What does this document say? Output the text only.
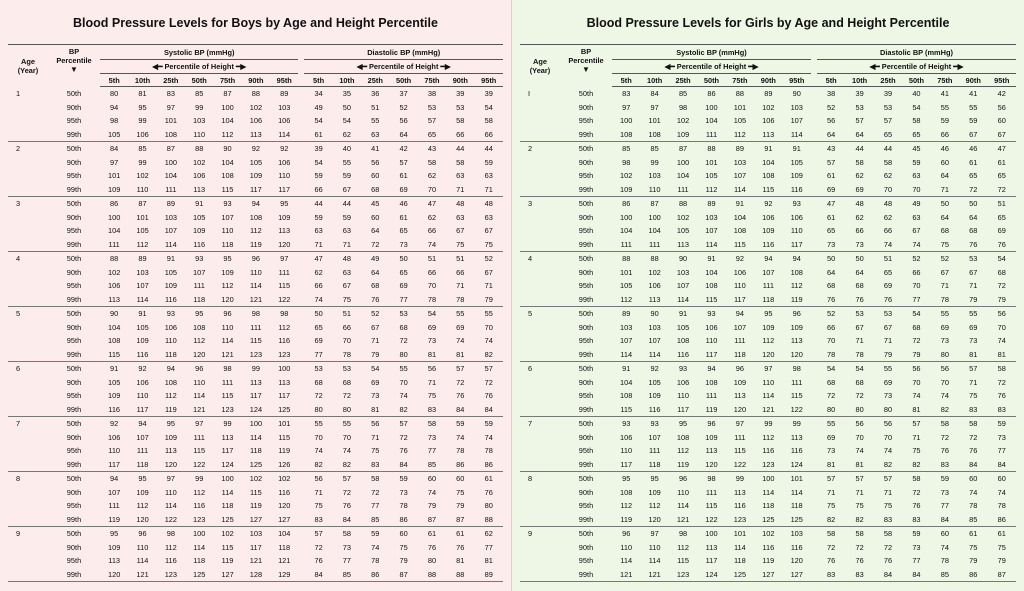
Blood Pressure Levels for Boys by Age and Height Percentile
Age
(Year)	BP
Percentile
▼	Systolic BP (mmHg)								Diastolic BP (mmHg)						
		◀━ Percentile of Height ━▶								◀━ Percentile of Height ━▶						
		5th	10th	25th	50th	75th	90th	95th		5th	10th	25th	50th	75th	90th	95th
1	50th	80	81	83	85	87	88	89		34	35	36	37	38	39	39
	90th	94	95	97	99	100	102	103		49	50	51	52	53	53	54
	95th	98	99	101	103	104	106	106		54	54	55	56	57	58	58
	99th	105	106	108	110	112	113	114		61	62	63	64	65	66	66
2	50th	84	85	87	88	90	92	92		39	40	41	42	43	44	44
	90th	97	99	100	102	104	105	106		54	55	56	57	58	58	59
	95th	101	102	104	106	108	109	110		59	59	60	61	62	63	63
	99th	109	110	111	113	115	117	117		66	67	68	69	70	71	71
3	50th	86	87	89	91	93	94	95		44	44	45	46	47	48	48
	90th	100	101	103	105	107	108	109		59	59	60	61	62	63	63
	95th	104	105	107	109	110	112	113		63	63	64	65	66	67	67
	99th	111	112	114	116	118	119	120		71	71	72	73	74	75	75
4	50th	88	89	91	93	95	96	97		47	48	49	50	51	51	52
	90th	102	103	105	107	109	110	111		62	63	64	65	66	66	67
	95th	106	107	109	111	112	114	115		66	67	68	69	70	71	71
	99th	113	114	116	118	120	121	122		74	75	76	77	78	78	79
5	50th	90	91	93	95	96	98	98		50	51	52	53	54	55	55
	90th	104	105	106	108	110	111	112		65	66	67	68	69	69	70
	95th	108	109	110	112	114	115	116		69	70	71	72	73	74	74
	99th	115	116	118	120	121	123	123		77	78	79	80	81	81	82
6	50th	91	92	94	96	98	99	100		53	53	54	55	56	57	57
	90th	105	106	108	110	111	113	113		68	68	69	70	71	72	72
	95th	109	110	112	114	115	117	117		72	72	73	74	75	76	76
	99th	116	117	119	121	123	124	125		80	80	81	82	83	84	84
7	50th	92	94	95	97	99	100	101		55	55	56	57	58	59	59
	90th	106	107	109	111	113	114	115		70	70	71	72	73	74	74
	95th	110	111	113	115	117	118	119		74	74	75	76	77	78	78
	99th	117	118	120	122	124	125	126		82	82	83	84	85	86	86
8	50th	94	95	97	99	100	102	102		56	57	58	59	60	60	61
	90th	107	109	110	112	114	115	116		71	72	72	73	74	75	76
	95th	111	112	114	116	118	119	120		75	76	77	78	79	79	80
	99th	119	120	122	123	125	127	127		83	84	85	86	87	87	88
9	50th	95	96	98	100	102	103	104		57	58	59	60	61	61	62
	90th	109	110	112	114	115	117	118		72	73	74	75	76	76	77
	95th	113	114	116	118	119	121	121		76	77	78	79	80	81	81
	99th	120	121	123	125	127	128	129		84	85	86	87	88	88	89
Blood Pressure Levels for Girls by Age and Height Percentile
Age
(Year)	BP
Percentile
▼	Systolic BP (mmHg)								Diastolic BP (mmHg)						
		◀━ Percentile of Height ━▶								◀━ Percentile of Height ━▶						
		5th	10th	25th	50th	75th	90th	95th		5th	10th	25th	50th	75th	90th	95th
I	50th	83	84	85	86	88	89	90		38	39	39	40	41	41	42
	90th	97	97	98	100	101	102	103		52	53	53	54	55	55	56
	95th	100	101	102	104	105	106	107		56	57	57	58	59	59	60
	99th	108	108	109	111	112	113	114		64	64	65	65	66	67	67
2	50th	85	85	87	88	89	91	91		43	44	44	45	46	46	47
	90th	98	99	100	101	103	104	105		57	58	58	59	60	61	61
	95th	102	103	104	105	107	108	109		61	62	62	63	64	65	65
	99th	109	110	111	112	114	115	116		69	69	70	70	71	72	72
3	50th	86	87	88	89	91	92	93		47	48	48	49	50	50	51
	90th	100	100	102	103	104	106	106		61	62	62	63	64	64	65
	95th	104	104	105	107	108	109	110		65	66	66	67	68	68	69
	99th	111	111	113	114	115	116	117		73	73	74	74	75	76	76
4	50th	88	88	90	91	92	94	94		50	50	51	52	52	53	54
	90th	101	102	103	104	106	107	108		64	64	65	66	67	67	68
	95th	105	106	107	108	110	111	112		68	68	69	70	71	71	72
	99th	112	113	114	115	117	118	119		76	76	76	77	78	79	79
5	50th	89	90	91	93	94	95	96		52	53	53	54	55	55	56
	90th	103	103	105	106	107	109	109		66	67	67	68	69	69	70
	95th	107	107	108	110	111	112	113		70	71	71	72	73	73	74
	99th	114	114	116	117	118	120	120		78	78	79	79	80	81	81
6	50th	91	92	93	94	96	97	98		54	54	55	56	56	57	58
	90th	104	105	106	108	109	110	111		68	68	69	70	70	71	72
	95th	108	109	110	111	113	114	115		72	72	73	74	74	75	76
	99th	115	116	117	119	120	121	122		80	80	80	81	82	83	83
7	50th	93	93	95	96	97	99	99		55	56	56	57	58	58	59
	90th	106	107	108	109	111	112	113		69	70	70	71	72	72	73
	95th	110	111	112	113	115	116	116		73	74	74	75	76	76	77
	99th	117	118	119	120	122	123	124		81	81	82	82	83	84	84
8	50th	95	95	96	98	99	100	101		57	57	57	58	59	60	60
	90th	108	109	110	111	113	114	114		71	71	71	72	73	74	74
	95th	112	112	114	115	116	118	118		75	75	75	76	77	78	78
	99th	119	120	121	122	123	125	125		82	82	83	83	84	85	86
9	50th	96	97	98	100	101	102	103		58	58	58	59	60	61	61
	90th	110	110	112	113	114	116	116		72	72	72	73	74	75	75
	95th	114	114	115	117	118	119	120		76	76	76	77	78	79	79
	99th	121	121	123	124	125	127	127		83	83	84	84	85	86	87
